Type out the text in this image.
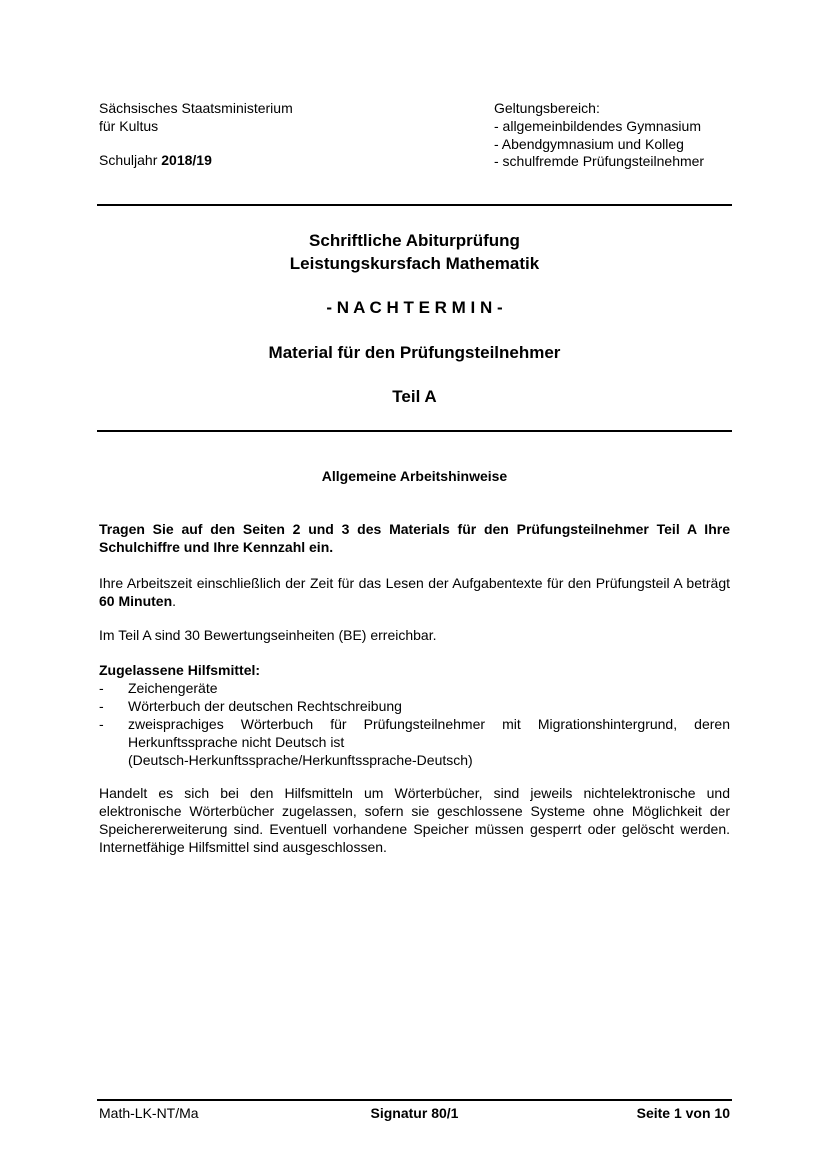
Sächsisches Staatsministerium
für Kultus
Schuljahr 2018/19
Geltungsbereich:
- allgemeinbildendes Gymnasium
- Abendgymnasium und Kolleg
- schulfremde Prüfungsteilnehmer
Schriftliche Abiturprüfung
Leistungskursfach Mathematik
- N A C H T E R M I N -
Material für den Prüfungsteilnehmer
Teil A
Allgemeine Arbeitshinweise
Tragen Sie auf den Seiten 2 und 3 des Materials für den Prüfungsteilnehmer Teil A Ihre Schulchiffre und Ihre Kennzahl ein.
Ihre Arbeitszeit einschließlich der Zeit für das Lesen der Aufgabentexte für den Prüfungsteil A beträgt 60 Minuten.
Im Teil A sind 30 Bewertungseinheiten (BE) erreichbar.
Zugelassene Hilfsmittel:
- Zeichengeräte
- Wörterbuch der deutschen Rechtschreibung
- zweisprachiges Wörterbuch für Prüfungsteilnehmer mit Migrationshintergrund, deren Herkunftssprache nicht Deutsch ist
(Deutsch-Herkunftssprache/Herkunftssprache-Deutsch)
Handelt es sich bei den Hilfsmitteln um Wörterbücher, sind jeweils nichtelektronische und elektronische Wörterbücher zugelassen, sofern sie geschlossene Systeme ohne Möglichkeit der Speichererweiterung sind. Eventuell vorhandene Speicher müssen gesperrt oder gelöscht werden. Internetfähige Hilfsmittel sind ausgeschlossen.
Math-LK-NT/Ma	Signatur 80/1	Seite 1 von 10
